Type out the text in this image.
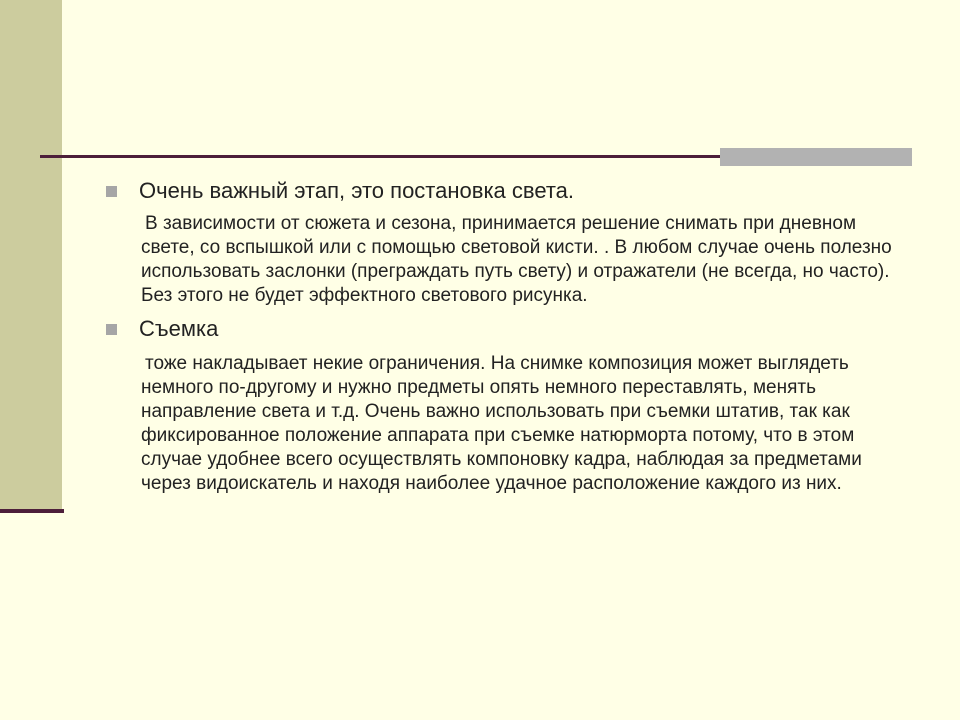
Очень важный этап, это постановка света.
В зависимости от сюжета и сезона, принимается решение снимать при дневном свете, со вспышкой или с помощью световой кисти. . В любом случае очень полезно использовать заслонки (преграждать путь свету) и отражатели (не всегда, но часто). Без этого не будет эффектного светового рисунка.
Съемка
тоже накладывает некие ограничения. На снимке композиция может выглядеть немного по-другому и нужно предметы опять немного переставлять, менять направление света и т.д. Очень важно использовать при съемки штатив, так как фиксированное положение аппарата при съемке натюрморта потому, что в этом случае удобнее всего осуществлять компоновку кадра, наблюдая за предметами через видоискатель и находя наиболее удачное расположение каждого из них.
